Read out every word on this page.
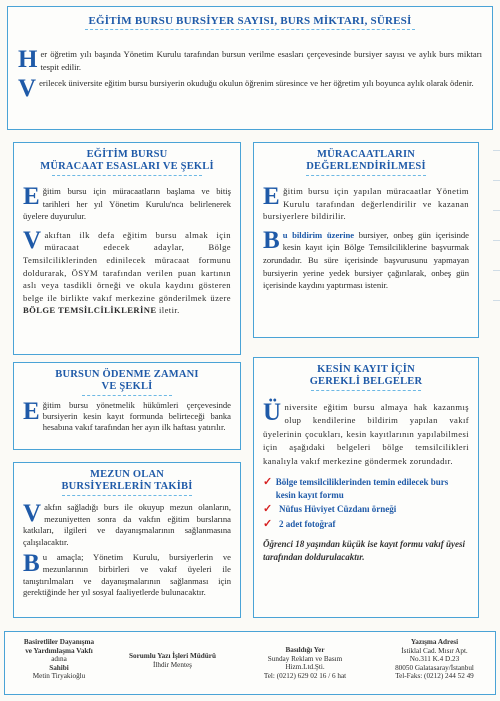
EĞİTİM BURSU BURSİYER SAYISI, BURS MİKTARI, SÜRESİ

H er öğretim yılı başında Yönetim Kurulu tarafından bursun verilme esasları çerçevesinde bursiyer sayısı ve aylık burs miktarı tespit edilir.

V erilecek üniversite eğitim bursu bursiyerin okuduğu okulun öğrenim süresince ve her öğretim yılı boyunca aylık olarak ödenir.

EĞİTİM BURSU
MÜRACAAT ESASLARI VE ŞEKLİ

E ğitim bursu için müracaatların başlama ve bitiş tarihleri her yıl Yönetim Kurulu'nca belirlenerek üyelere duyurulur.

V akıftan ilk defa eğitim bursu almak için müracaat edecek adaylar, Bölge Temsilciliklerinden edinilecek müracaat formunu doldurarak, ÖSYM tarafından verilen puan kartının aslı veya tasdikli örneği ve okula kaydını gösteren belge ile birlikte vakıf merkezine gönderilmek üzere BÖLGE TEMSİLCİLİKLERİNE iletir.

MÜRACAATLARIN
DEĞERLENDİRİLMESİ

E ğitim bursu için yapılan müracaatlar Yönetim Kurulu tarafından değerlendirilir ve kazanan bursiyerlere bildirilir.

B u bildirim üzerine bursiyer, onbeş gün içerisinde kesin kayıt için Bölge Temsilciliklerine başvurmak zorundadır. Bu süre içerisinde başvurusunu yapmayan bursiyerin yerine yedek bursiyer çağırılarak, onbeş gün içerisinde kaydını yaptırması istenir.

BURSUN ÖDENME ZAMANI
VE ŞEKLİ

E ğitim bursu yönetmelik hükümleri çerçevesinde bursiyerin kesin kayıt formunda belirteceği banka hesabına vakıf tarafından her ayın ilk haftası yatırılır.

KESİN KAYIT İÇİN
GEREKLİ BELGELER

Ü niversite eğitim bursu almaya hak kazanmış olup kendilerine bildirim yapılan vakıf üyelerinin çocukları, kesin kayıtlarının yapılabilmesi için aşağıdaki belgeleri bölge temsilcilikleri kanalıyla vakıf merkezine göndermek zorundadır.

✓ Bölge temsilciliklerinden temin edilecek burs kesin kayıt formu
✓ Nüfus Hüviyet Cüzdanı örneği
✓ 2 adet fotoğraf

Öğrenci 18 yaşından küçük ise kayıt formu vakıf üyesi tarafından doldurulacaktır.

MEZUN OLAN
BURSİYERLERİN TAKİBİ

V akfın sağladığı burs ile okuyup mezun olanların, mezuniyetten sonra da vakfın eğitim burslarına katkıları, ilgileri ve dayanışmalarının sağlanmasına çalışılacaktır.

B u amaçla; Yönetim Kurulu, bursiyerlerin ve mezunlarının birbirleri ve vakıf üyeleri ile tanıştırılmaları ve dayanışmalarının sağlanması için gerektiğinde her yıl sosyal faaliyetlerde bulunacaktır.

Basiretliler Dayanışma
ve Yardımlaşma Vakfı
adına
Sahibi
Metin Tiryakioğlu
Sorumlu Yazı İşleri Müdürü
İlhdir Menteş
Basıldığı Yer
Sunday Reklam ve Basım
Hizm.Ltd.Şti.
Tel: (0212) 629 02 16 / 6 hat
Yazışma Adresi
İstiklal Cad. Mısır Apt.
No.311 K.4 D.23
80050 Galatasaray/İstanbul
Tel-Faks: (0212) 244 52 49
